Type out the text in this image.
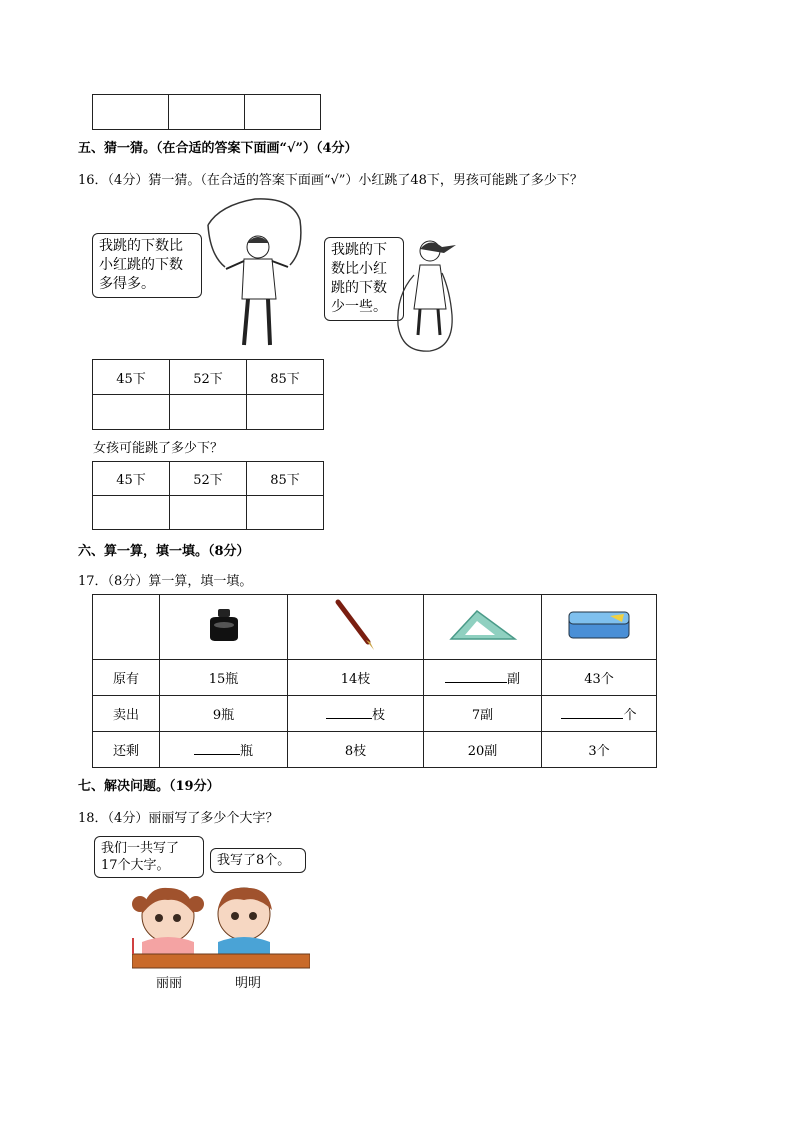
五、猜一猜。（在合适的答案下面画“√”）（4分）
16．（4分）猜一猜。（在合适的答案下面画“√”）小红跳了48下，男孩可能跳了多少下？
我跳的下数比
小红跳的下数
多得多。
我跳的下
数比小红
跳的下数
少一些。
45下	52下	85下

女孩可能跳了多少下？
45下	52下	85下

六、算一算，填一填。（8分）
17．（8分）算一算，填一填。

原有	15瓶	14枝	副	43个
卖出	9瓶	枝	7副	个
还剩	瓶	8枝	20副	3个
七、解决问题。（19分）
18．（4分）丽丽写了多少个大字？
我们一共写了
17个大字。	我写了8个。
丽丽	明明
